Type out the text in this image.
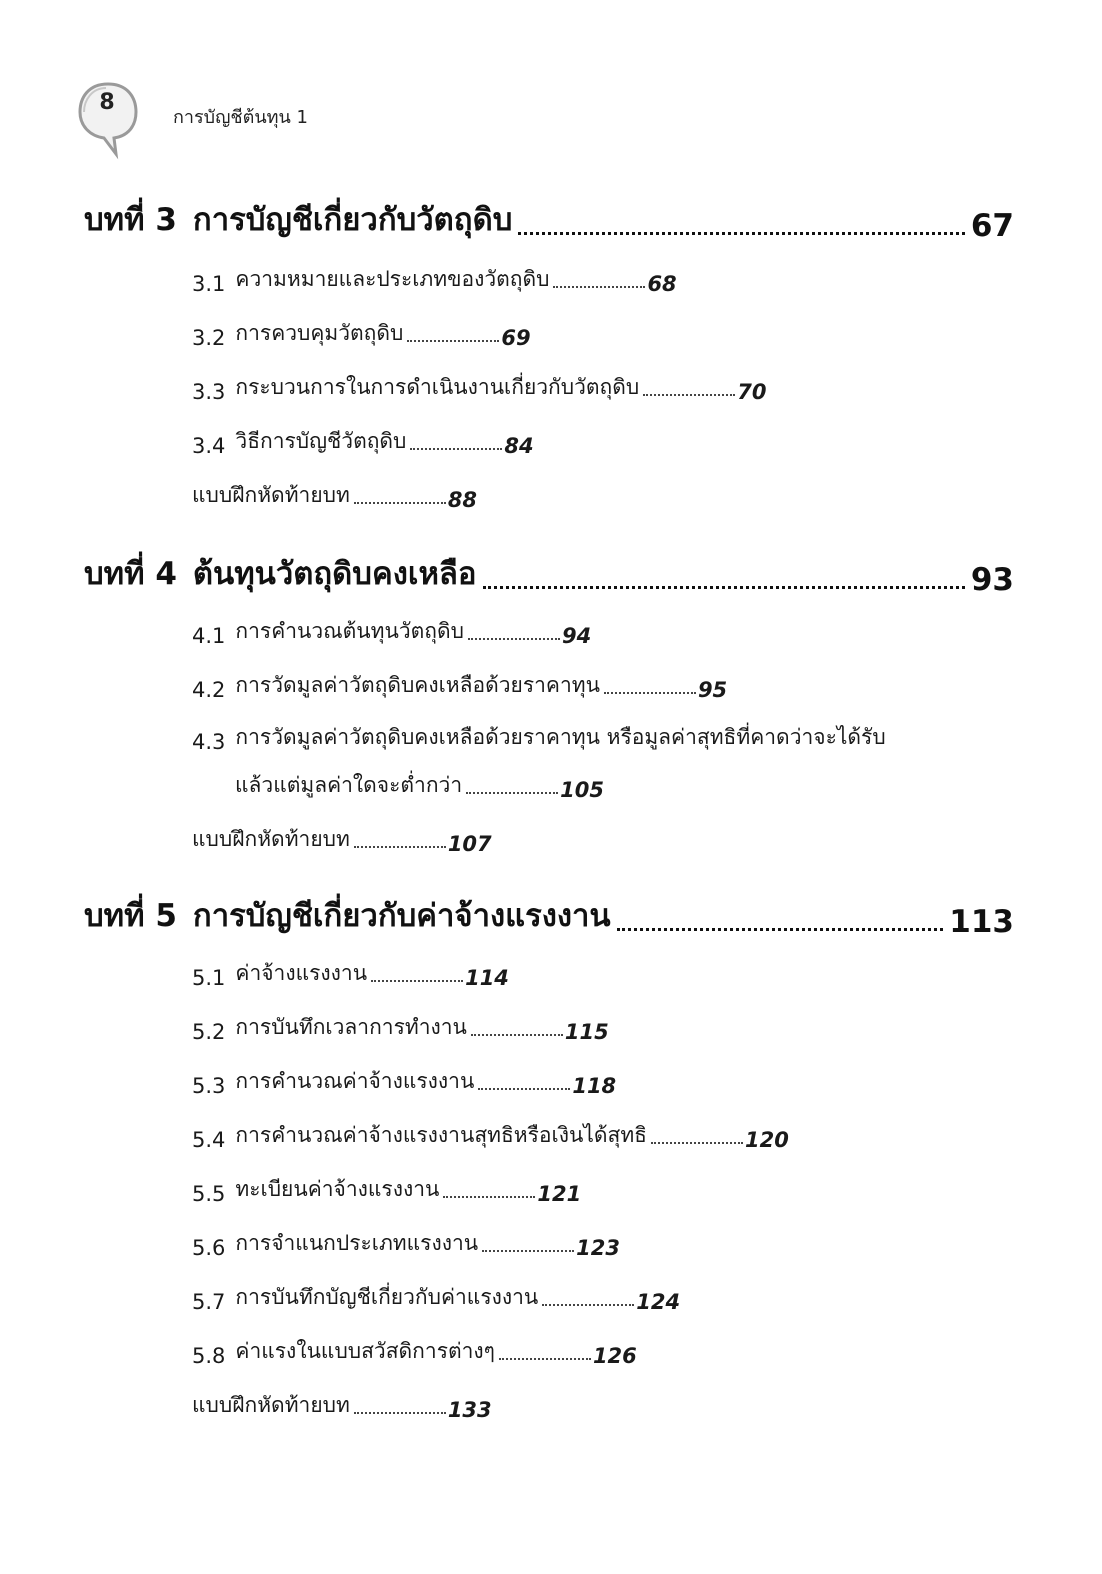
8
การบัญชีต้นทุน 1
บทที่ 3 การบัญชีเกี่ยวกับวัตถุดิบ	67
3.1 ความหมายและประเภทของวัตถุดิบ	68
3.2 การควบคุมวัตถุดิบ	69
3.3 กระบวนการในการดำเนินงานเกี่ยวกับวัตถุดิบ	70
3.4 วิธีการบัญชีวัตถุดิบ	84
แบบฝึกหัดท้ายบท	88
บทที่ 4 ต้นทุนวัตถุดิบคงเหลือ	93
4.1 การคำนวณต้นทุนวัตถุดิบ	94
4.2 การวัดมูลค่าวัตถุดิบคงเหลือด้วยราคาทุน	95
4.3 การวัดมูลค่าวัตถุดิบคงเหลือด้วยราคาทุน หรือมูลค่าสุทธิที่คาดว่าจะได้รับ
แล้วแต่มูลค่าใดจะต่ำกว่า	105
แบบฝึกหัดท้ายบท	107
บทที่ 5 การบัญชีเกี่ยวกับค่าจ้างแรงงาน	113
5.1 ค่าจ้างแรงงาน	114
5.2 การบันทึกเวลาการทำงาน	115
5.3 การคำนวณค่าจ้างแรงงาน	118
5.4 การคำนวณค่าจ้างแรงงานสุทธิหรือเงินได้สุทธิ	120
5.5 ทะเบียนค่าจ้างแรงงาน	121
5.6 การจำแนกประเภทแรงงาน	123
5.7 การบันทึกบัญชีเกี่ยวกับค่าแรงงาน	124
5.8 ค่าแรงในแบบสวัสดิการต่างๆ	126
แบบฝึกหัดท้ายบท	133
